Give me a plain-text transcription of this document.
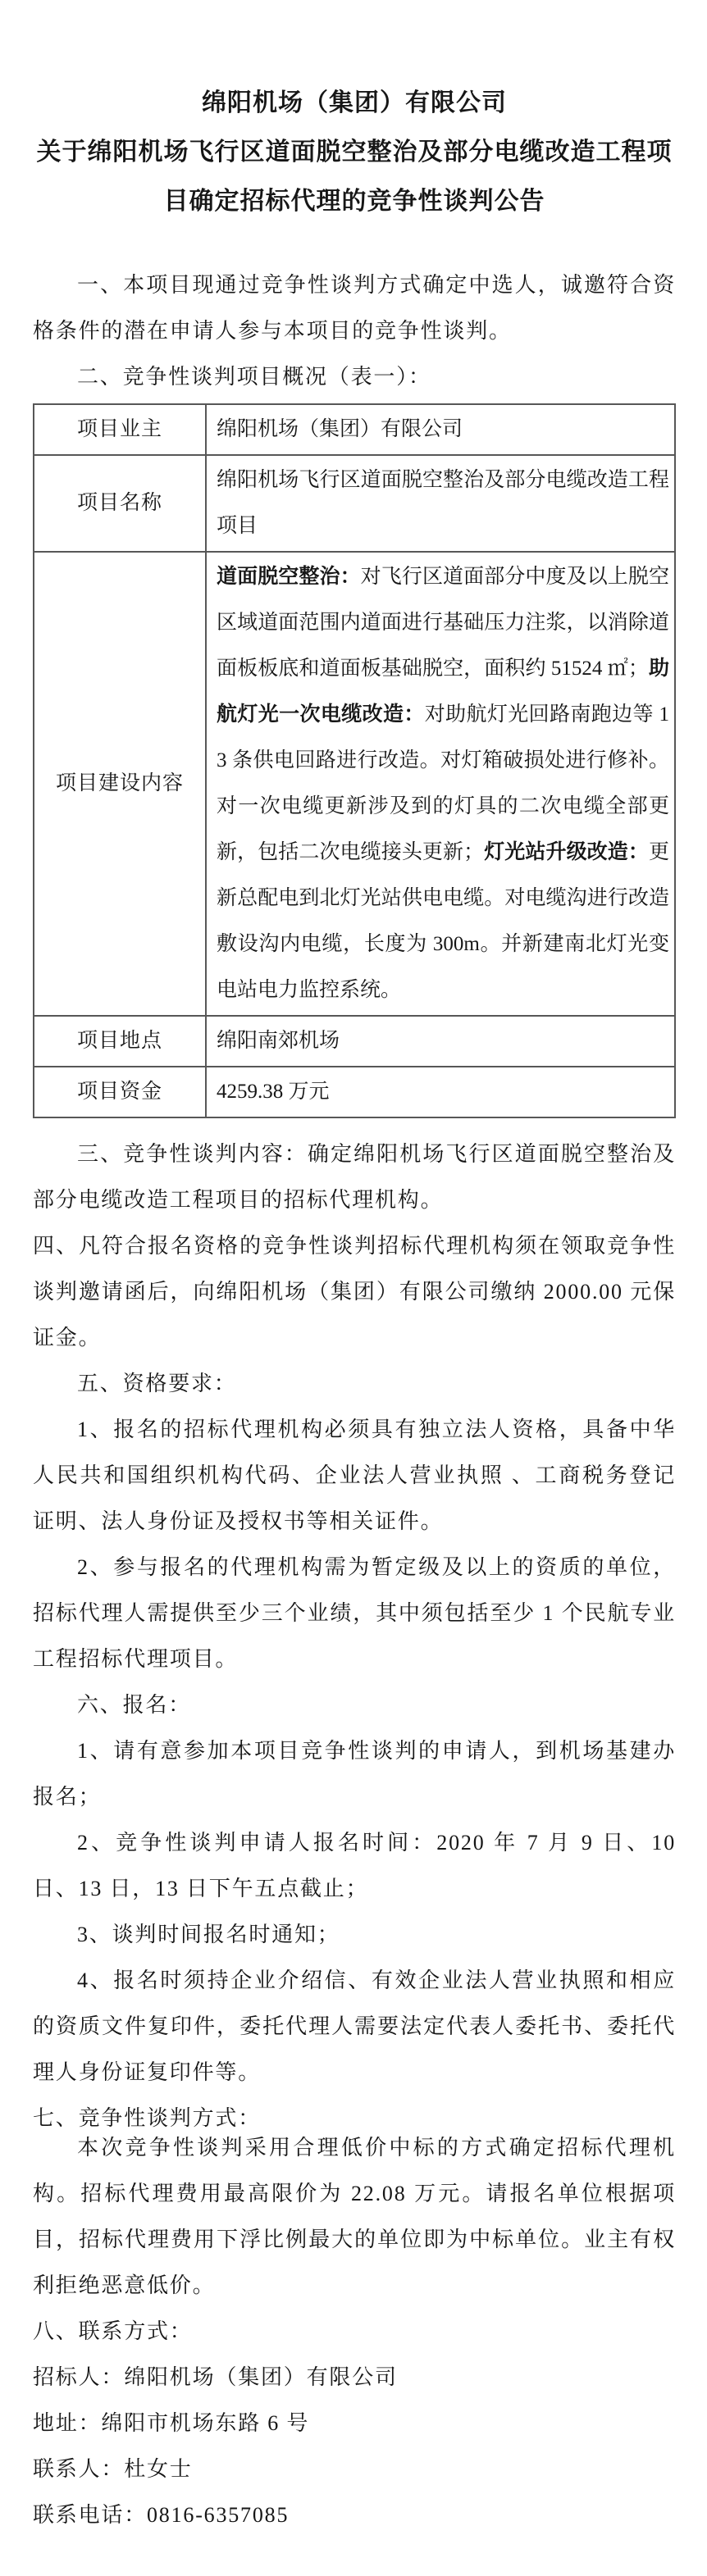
绵阳机场（集团）有限公司
关于绵阳机场飞行区道面脱空整治及部分电缆改造工程项
目确定招标代理的竞争性谈判公告

一、本项目现通过竞争性谈判方式确定中选人，诚邀符合资格条件的潜在申请人参与本项目的竞争性谈判。

二、竞争性谈判项目概况（表一）：

项目业主	绵阳机场（集团）有限公司
项目名称	绵阳机场飞行区道面脱空整治及部分电缆改造工程项目
项目建设内容	道面脱空整治：对飞行区道面部分中度及以上脱空区域道面范围内道面进行基础压力注浆，以消除道面板板底和道面板基础脱空，面积约 51524 ㎡；助航灯光一次电缆改造：对助航灯光回路南跑边等 13 条供电回路进行改造。对灯箱破损处进行修补。对一次电缆更新涉及到的灯具的二次电缆全部更新，包括二次电缆接头更新；灯光站升级改造：更新总配电到北灯光站供电电缆。对电缆沟进行改造敷设沟内电缆，长度为 300m。并新建南北灯光变电站电力监控系统。
项目地点	绵阳南郊机场
项目资金	4259.38 万元

三、竞争性谈判内容：确定绵阳机场飞行区道面脱空整治及部分电缆改造工程项目的招标代理机构。

四、凡符合报名资格的竞争性谈判招标代理机构须在领取竞争性谈判邀请函后，向绵阳机场（集团）有限公司缴纳 2000.00 元保证金。

五、资格要求：

1、报名的招标代理机构必须具有独立法人资格，具备中华人民共和国组织机构代码、企业法人营业执照 、工商税务登记证明、法人身份证及授权书等相关证件。

2、参与报名的代理机构需为暂定级及以上的资质的单位，招标代理人需提供至少三个业绩，其中须包括至少 1 个民航专业工程招标代理项目。

六、报名：

1、请有意参加本项目竞争性谈判的申请人，到机场基建办报名；

2、竞争性谈判申请人报名时间：2020 年 7 月 9 日、10 日、13 日，13 日下午五点截止；

3、谈判时间报名时通知；

4、报名时须持企业介绍信、有效企业法人营业执照和相应的资质文件复印件，委托代理人需要法定代表人委托书、委托代理人身份证复印件等。

七、竞争性谈判方式：

本次竞争性谈判采用合理低价中标的方式确定招标代理机构。招标代理费用最高限价为 22.08 万元。请报名单位根据项目，招标代理费用下浮比例最大的单位即为中标单位。业主有权利拒绝恶意低价。

八、联系方式：

招标人：绵阳机场（集团）有限公司

地址：绵阳市机场东路 6 号

联系人：杜女士

联系电话：0816-6357085
